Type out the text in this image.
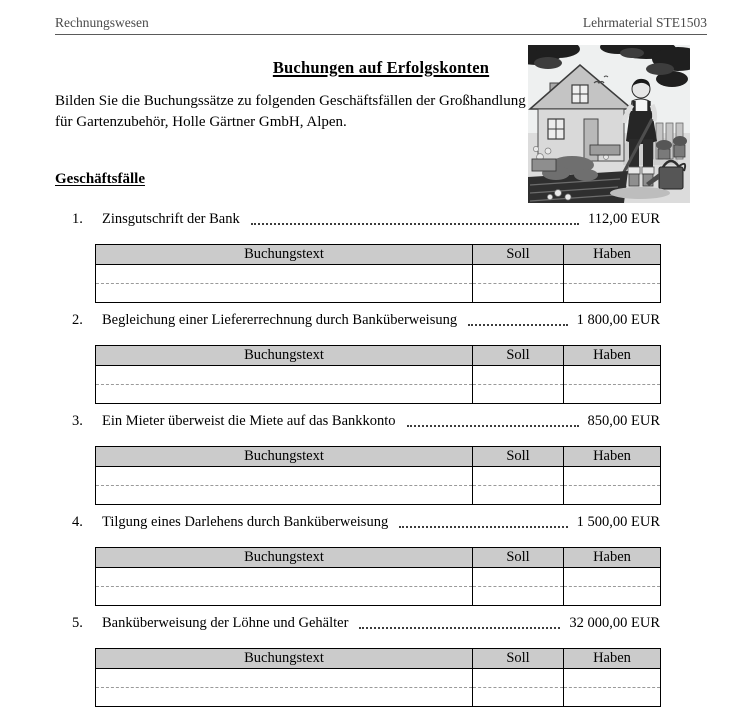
Rechnungswesen	Lehrmaterial STE1503
Buchungen auf Erfolgskonten

Bilden Sie die Buchungssätze zu folgenden Geschäftsfällen der Großhandlung für Gartenzubehör, Holle Gärtner GmbH, Alpen.

Geschäftsfälle
1.	Zinsgutschrift der Bank	112,00 EUR
Buchungstext	Soll	Haben

2.	Begleichung einer Liefererrechnung durch Banküberweisung	1 800,00 EUR
Buchungstext	Soll	Haben

3.	Ein Mieter überweist die Miete auf das Bankkonto	850,00 EUR
Buchungstext	Soll	Haben

4.	Tilgung eines Darlehens durch Banküberweisung	1 500,00 EUR
Buchungstext	Soll	Haben

5.	Banküberweisung der Löhne und Gehälter	32 000,00 EUR
Buchungstext	Soll	Haben
